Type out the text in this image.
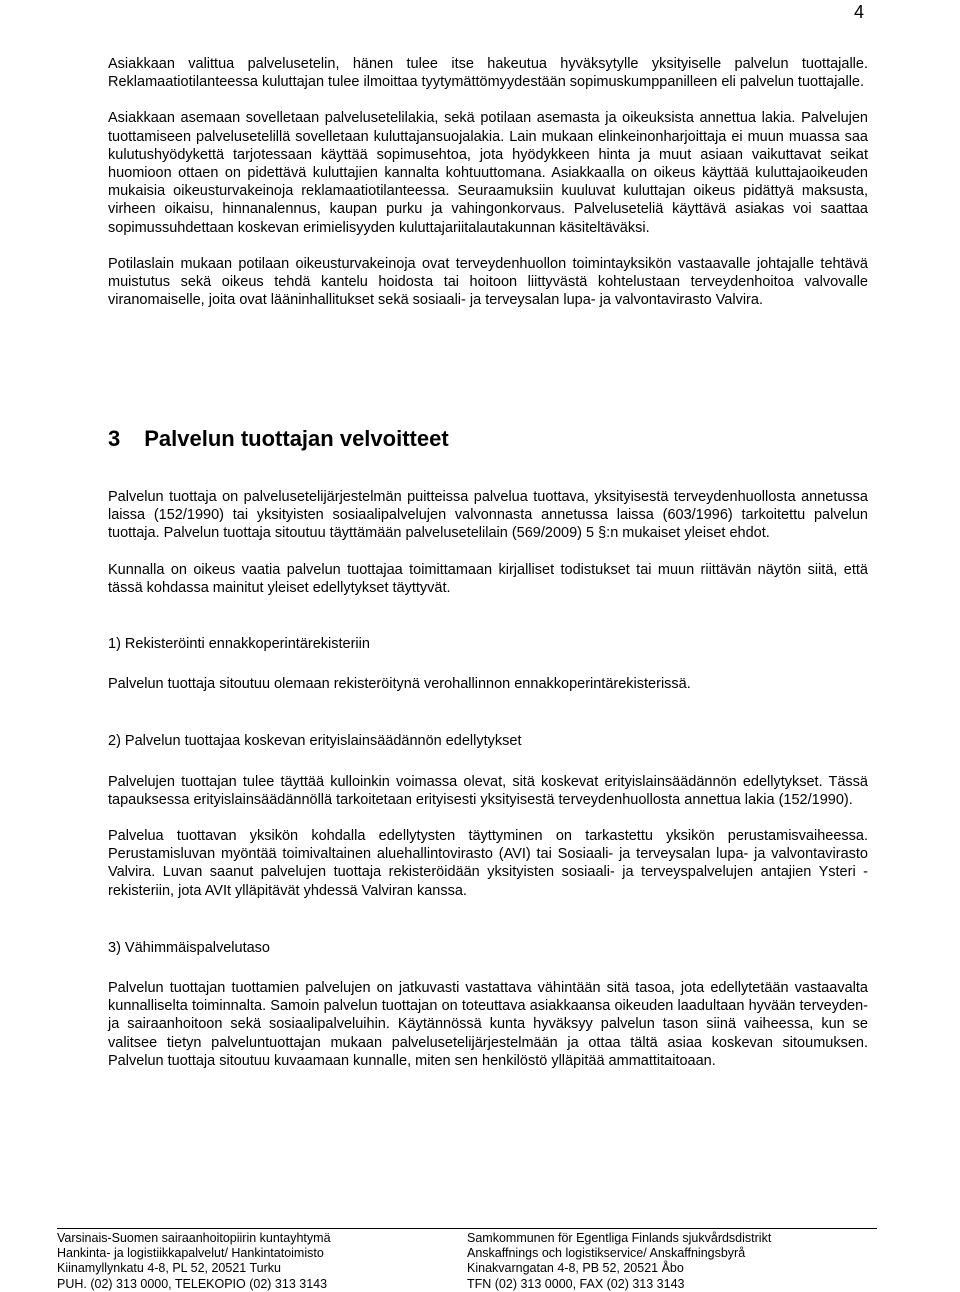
4

Asiakkaan valittua palvelusetelin, hänen tulee itse hakeutua hyväksytylle yksityiselle palvelun tuottajalle. Reklamaatiotilanteessa kuluttajan tulee ilmoittaa tyytymättömyydestään sopimuskumppanilleen eli palvelun tuottajalle.

Asiakkaan asemaan sovelletaan palvelusetelilakia, sekä potilaan asemasta ja oikeuksista annettua lakia. Palvelujen tuottamiseen palvelusetelillä sovelletaan kuluttajansuojalakia. Lain mukaan elinkeinonharjoittaja ei muun muassa saa kulutushyödykettä tarjotessaan käyttää sopimusehtoa, jota hyödykkeen hinta ja muut asiaan vaikuttavat seikat huomioon ottaen on pidettävä kuluttajien kannalta kohtuuttomana. Asiakkaalla on oikeus käyttää kuluttajaoikeuden mukaisia oikeusturvakeinoja reklamaatiotilanteessa. Seuraamuksiin kuuluvat kuluttajan oikeus pidättyä maksusta, virheen oikaisu, hinnanalennus, kaupan purku ja vahingonkorvaus. Palveluseteliä käyttävä asiakas voi saattaa sopimussuhdettaan koskevan erimielisyyden kuluttajariitalautakunnan käsiteltäväksi.

Potilaslain mukaan potilaan oikeusturvakeinoja ovat terveydenhuollon toimintayksikön vastaavalle johtajalle tehtävä muistutus sekä oikeus tehdä kantelu hoidosta tai hoitoon liittyvästä kohtelustaan terveydenhoitoa valvovalle viranomaiselle, joita ovat lääninhallitukset sekä sosiaali- ja terveysalan lupa- ja valvontavirasto Valvira.

3 Palvelun tuottajan velvoitteet

Palvelun tuottaja on palvelusetelijärjestelmän puitteissa palvelua tuottava, yksityisestä terveydenhuollosta annetussa laissa (152/1990) tai yksityisten sosiaalipalvelujen valvonnasta annetussa laissa (603/1996) tarkoitettu palvelun tuottaja. Palvelun tuottaja sitoutuu täyttämään palvelusetelilain (569/2009) 5 §:n mukaiset yleiset ehdot.

Kunnalla on oikeus vaatia palvelun tuottajaa toimittamaan kirjalliset todistukset tai muun riittävän näytön siitä, että tässä kohdassa mainitut yleiset edellytykset täyttyvät.

1) Rekisteröinti ennakkoperintärekisteriin

Palvelun tuottaja sitoutuu olemaan rekisteröitynä verohallinnon ennakkoperintärekisterissä.

2) Palvelun tuottajaa koskevan erityislainsäädännön edellytykset

Palvelujen tuottajan tulee täyttää kulloinkin voimassa olevat, sitä koskevat erityislainsäädännön edellytykset. Tässä tapauksessa erityislainsäädännöllä tarkoitetaan erityisesti yksityisestä terveydenhuollosta annettua lakia (152/1990).

Palvelua tuottavan yksikön kohdalla edellytysten täyttyminen on tarkastettu yksikön perustamisvaiheessa. Perustamisluvan myöntää toimivaltainen aluehallintovirasto (AVI) tai Sosiaali- ja terveysalan lupa- ja valvontavirasto Valvira. Luvan saanut palvelujen tuottaja rekisteröidään yksityisten sosiaali- ja terveyspalvelujen antajien Ysteri -rekisteriin, jota AVIt ylläpitävät yhdessä Valviran kanssa.

3) Vähimmäispalvelutaso

Palvelun tuottajan tuottamien palvelujen on jatkuvasti vastattava vähintään sitä tasoa, jota edellytetään vastaavalta kunnalliselta toiminnalta. Samoin palvelun tuottajan on toteuttava asiakkaansa oikeuden laadultaan hyvään terveyden- ja sairaanhoitoon sekä sosiaalipalveluihin. Käytännössä kunta hyväksyy palvelun tason siinä vaiheessa, kun se valitsee tietyn palveluntuottajan mukaan palvelusetelijärjestelmään ja ottaa tältä asiaa koskevan sitoumuksen. Palvelun tuottaja sitoutuu kuvaamaan kunnalle, miten sen henkilöstö ylläpitää ammattitaitoaan.

Varsinais-Suomen sairaanhoitopiirin kuntayhtymä

Hankinta- ja logistiikkapalvelut/ Hankintatoimisto

Kiinamyllynkatu 4-8, PL 52, 20521 Turku

PUH. (02) 313 0000, TELEKOPIO (02) 313 3143

Samkommunen för Egentliga Finlands sjukvårdsdistrikt

Anskaffnings och logistikservice/ Anskaffningsbyrå

Kinakvarngatan 4-8, PB 52, 20521 Åbo

TFN (02) 313 0000, FAX (02) 313 3143
